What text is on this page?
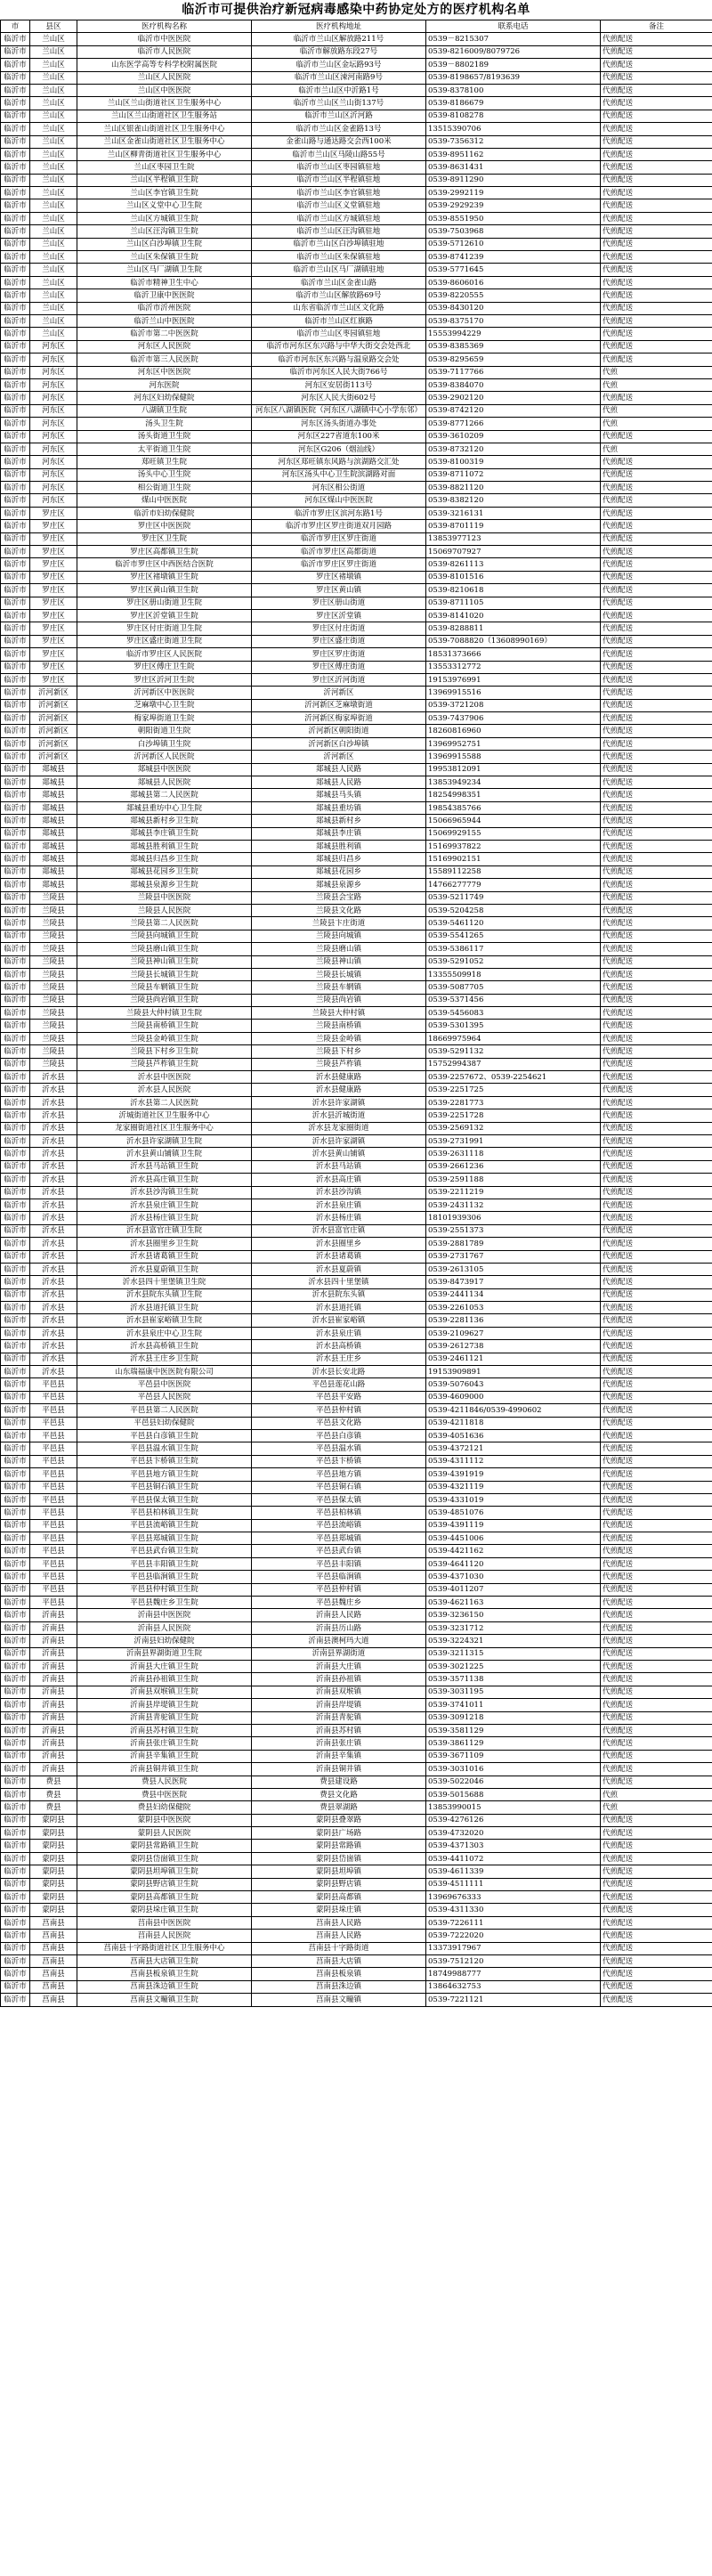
临沂市可提供治疗新冠病毒感染中药协定处方的医疗机构名单
市	县区	医疗机构名称	医疗机构地址	联系电话	备注
临沂市	兰山区	临沂市中医医院	临沂市兰山区解放路211号	0539－8215307	代煎配送
临沂市	兰山区	临沂市人民医院	临沂市解放路东段27号	0539-8216009/8079726	代煎配送
临沂市	兰山区	山东医学高等专科学校附属医院	临沂市兰山区金坛路93号	0539－8802189	代煎配送
临沂市	兰山区	兰山区人民医院	临沂市兰山区涑河南路9号	0539-8198657/8193639	代煎配送
临沂市	兰山区	兰山区中医医院	临沂市兰山区中沂路1号	0539-8378100	代煎配送
临沂市	兰山区	兰山区兰山街道社区卫生服务中心	临沂市兰山区兰山街137号	0539-8186679	代煎配送
临沂市	兰山区	兰山区兰山街道社区卫生服务站	临沂市兰山区沂河路	0539-8108278	代煎配送
临沂市	兰山区	兰山区银雀山街道社区卫生服务中心	临沂市兰山区金雀路13号	13515390706	代煎配送
临沂市	兰山区	兰山区金雀山街道社区卫生服务中心	金雀山路与通达路交会西100米	0539-7356312	代煎配送
临沂市	兰山区	兰山区柳青街道社区卫生服务中心	临沂市兰山区马陵山路55号	0539-8951162	代煎配送
临沂市	兰山区	兰山区枣园卫生院	临沂市兰山区枣园镇驻地	0539-8631431	代煎配送
临沂市	兰山区	兰山区半程镇卫生院	临沂市兰山区半程镇驻地	0539-8911290	代煎配送
临沂市	兰山区	兰山区李官镇卫生院	临沂市兰山区李官镇驻地	0539-2992119	代煎配送
临沂市	兰山区	兰山区义堂中心卫生院	临沂市兰山区义堂镇驻地	0539-2929239	代煎配送
临沂市	兰山区	兰山区方城镇卫生院	临沂市兰山区方城镇驻地	0539-8551950	代煎配送
临沂市	兰山区	兰山区汪沟镇卫生院	临沂市兰山区汪沟镇驻地	0539-7503968	代煎配送
临沂市	兰山区	兰山区白沙埠镇卫生院	临沂市兰山区白沙埠镇驻地	0539-5712610	代煎配送
临沂市	兰山区	兰山区朱保镇卫生院	临沂市兰山区朱保镇驻地	0539-8741239	代煎配送
临沂市	兰山区	兰山区马厂湖镇卫生院	临沂市兰山区马厂湖镇驻地	0539-5771645	代煎配送
临沂市	兰山区	临沂市精神卫生中心	临沂市兰山区金雀山路	0539-8606016	代煎配送
临沂市	兰山区	临沂卫康中医医院	临沂市兰山区解放路69号	0539-8220555	代煎配送
临沂市	兰山区	临沂市沂州医院	山东省临沂市兰山区文化路	0539-8430120	代煎配送
临沂市	兰山区	临沂兰山中医医院	临沂市兰山区红旗路	0539-8375170	代煎配送
临沂市	兰山区	临沂市第二中医医院	临沂市兰山区枣园镇驻地	15553994229	代煎配送
临沂市	河东区	河东区人民医院	临沂市河东区东兴路与中华大街交会处西北	0539-8385369	代煎配送
临沂市	河东区	临沂市第三人民医院	临沂市河东区东兴路与温泉路交会处	0539-8295659	代煎配送
临沂市	河东区	河东区中医医院	临沂市河东区人民大街766号	0539-7117766	代煎
临沂市	河东区	河东医院	河东区安居街113号	0539-8384070	代煎
临沂市	河东区	河东区妇幼保健院	河东区人民大街602号	0539-2902120	代煎配送
临沂市	河东区	八湖镇卫生院	河东区八湖镇医院（河东区八湖镇中心小学东邻）	0539-8742120	代煎
临沂市	河东区	汤头卫生院	河东区汤头街道办事处	0539-8771266	代煎
临沂市	河东区	汤头街道卫生院	河东区227省道东100米	0539-3610209	代煎配送
临沂市	河东区	太平街道卫生院	河东区G206（烟汕线）	0539-8732120	代煎
临沂市	河东区	郑旺镇卫生院	河东区郑旺镇东风路与滨湖路交汇处	0539-8100319	代煎配送
临沂市	河东区	汤头中心卫生院	河东区汤头中心卫生院滨湖路对面	0539-8711072	代煎配送
临沂市	河东区	相公街道卫生院	河东区相公街道	0539-8821120	代煎配送
临沂市	河东区	煤山中医医院	河东区煤山中医医院	0539-8382120	代煎配送
临沂市	罗庄区	临沂市妇幼保健院	临沂市罗庄区滨河东路1号	0539-3216131	代煎配送
临沂市	罗庄区	罗庄区中医医院	临沂市罗庄区罗庄街道双月园路	0539-8701119	代煎配送
临沂市	罗庄区	罗庄区卫生院	临沂市罗庄区罗庄街道	13853977123	代煎配送
临沂市	罗庄区	罗庄区高都镇卫生院	临沂市罗庄区高都街道	15069707927	代煎配送
临沂市	罗庄区	临沂市罗庄区中西医结合医院	临沂市罗庄区罗庄街道	0539-8261113	代煎配送
临沂市	罗庄区	罗庄区褚墩镇卫生院	罗庄区褚墩镇	0539-8101516	代煎配送
临沂市	罗庄区	罗庄区黄山镇卫生院	罗庄区黄山镇	0539-8210618	代煎配送
临沂市	罗庄区	罗庄区册山街道卫生院	罗庄区册山街道	0539-8711105	代煎配送
临沂市	罗庄区	罗庄区沂堂镇卫生院	罗庄区沂堂镇	0539-8141020	代煎配送
临沂市	罗庄区	罗庄区付庄街道卫生院	罗庄区付庄街道	0539-8288811	代煎配送
临沂市	罗庄区	罗庄区盛庄街道卫生院	罗庄区盛庄街道	0539-7088820（13608990169）	代煎配送
临沂市	罗庄区	临沂市罗庄区人民医院	罗庄区罗庄街道	18531373666	代煎配送
临沂市	罗庄区	罗庄区傅庄卫生院	罗庄区傅庄街道	13553312772	代煎配送
临沂市	罗庄区	罗庄区沂河卫生院	罗庄区沂河街道	19153976991	代煎配送
临沂市	沂河新区	沂河新区中医医院	沂河新区	13969915516	代煎配送
临沂市	沂河新区	芝麻墩中心卫生院	沂河新区芝麻墩街道	0539-3721208	代煎配送
临沂市	沂河新区	梅家埠街道卫生院	沂河新区梅家埠街道	0539-7437906	代煎配送
临沂市	沂河新区	朝阳街道卫生院	沂河新区朝阳街道	18260816960	代煎配送
临沂市	沂河新区	白沙埠镇卫生院	沂河新区白沙埠镇	13969952751	代煎配送
临沂市	沂河新区	沂河新区人民医院	沂河新区	13969915588	代煎配送
临沂市	郯城县	郯城县中医医院	郯城县人民路	19953812091	代煎配送
临沂市	郯城县	郯城县人民医院	郯城县人民路	13853949234	代煎配送
临沂市	郯城县	郯城县第二人民医院	郯城县马头镇	18254998351	代煎配送
临沂市	郯城县	郯城县重坊中心卫生院	郯城县重坊镇	19854385766	代煎配送
临沂市	郯城县	郯城县新村乡卫生院	郯城县新村乡	15066965944	代煎配送
临沂市	郯城县	郯城县李庄镇卫生院	郯城县李庄镇	15069929155	代煎配送
临沂市	郯城县	郯城县胜利镇卫生院	郯城县胜利镇	15169937822	代煎配送
临沂市	郯城县	郯城县归昌乡卫生院	郯城县归昌乡	15169902151	代煎配送
临沂市	郯城县	郯城县花园乡卫生院	郯城县花园乡	15589112258	代煎配送
临沂市	郯城县	郯城县泉源乡卫生院	郯城县泉源乡	14766277779	代煎配送
临沂市	兰陵县	兰陵县中医医院	兰陵县会宝路	0539-5211749	代煎配送
临沂市	兰陵县	兰陵县人民医院	兰陵县文化路	0539-5204258	代煎配送
临沂市	兰陵县	兰陵县第二人民医院	兰陵县卞庄街道	0539-5461120	代煎配送
临沂市	兰陵县	兰陵县向城镇卫生院	兰陵县向城镇	0539-5541265	代煎配送
临沂市	兰陵县	兰陵县磨山镇卫生院	兰陵县磨山镇	0539-5386117	代煎配送
临沂市	兰陵县	兰陵县神山镇卫生院	兰陵县神山镇	0539-5291052	代煎配送
临沂市	兰陵县	兰陵县长城镇卫生院	兰陵县长城镇	13355509918	代煎配送
临沂市	兰陵县	兰陵县车辋镇卫生院	兰陵县车辋镇	0539-5087705	代煎配送
临沂市	兰陵县	兰陵县尚岩镇卫生院	兰陵县尚岩镇	0539-5371456	代煎配送
临沂市	兰陵县	兰陵县大仲村镇卫生院	兰陵县大仲村镇	0539-5456083	代煎配送
临沂市	兰陵县	兰陵县南桥镇卫生院	兰陵县南桥镇	0539-5301395	代煎配送
临沂市	兰陵县	兰陵县金岭镇卫生院	兰陵县金岭镇	18669975964	代煎配送
临沂市	兰陵县	兰陵县下村乡卫生院	兰陵县下村乡	0539-5291132	代煎配送
临沂市	兰陵县	兰陵县芦柞镇卫生院	兰陵县芦柞镇	15752994387	代煎配送
临沂市	沂水县	沂水县中医医院	沂水县健康路	0539-2257672、0539-2254621	代煎配送
临沂市	沂水县	沂水县人民医院	沂水县健康路	0539-2251725	代煎配送
临沂市	沂水县	沂水县第二人民医院	沂水县许家湖镇	0539-2281773	代煎配送
临沂市	沂水县	沂城街道社区卫生服务中心	沂水县沂城街道	0539-2251728	代煎配送
临沂市	沂水县	龙家圈街道社区卫生服务中心	沂水县龙家圈街道	0539-2569132	代煎配送
临沂市	沂水县	沂水县许家湖镇卫生院	沂水县许家湖镇	0539-2731991	代煎配送
临沂市	沂水县	沂水县黄山铺镇卫生院	沂水县黄山铺镇	0539-2631118	代煎配送
临沂市	沂水县	沂水县马站镇卫生院	沂水县马站镇	0539-2661236	代煎配送
临沂市	沂水县	沂水县高庄镇卫生院	沂水县高庄镇	0539-2591188	代煎配送
临沂市	沂水县	沂水县沙沟镇卫生院	沂水县沙沟镇	0539-2211219	代煎配送
临沂市	沂水县	沂水县泉庄镇卫生院	沂水县泉庄镇	0539-2431132	代煎配送
临沂市	沂水县	沂水县杨庄镇卫生院	沂水县杨庄镇	18101939306	代煎配送
临沂市	沂水县	沂水县富官庄镇卫生院	沂水县富官庄镇	0539-2551373	代煎配送
临沂市	沂水县	沂水县圈里乡卫生院	沂水县圈里乡	0539-2881789	代煎配送
临沂市	沂水县	沂水县诸葛镇卫生院	沂水县诸葛镇	0539-2731767	代煎配送
临沂市	沂水县	沂水县夏蔚镇卫生院	沂水县夏蔚镇	0539-2613105	代煎配送
临沂市	沂水县	沂水县四十里堡镇卫生院	沂水县四十里堡镇	0539-8473917	代煎配送
临沂市	沂水县	沂水县院东头镇卫生院	沂水县院东头镇	0539-2441134	代煎配送
临沂市	沂水县	沂水县道托镇卫生院	沂水县道托镇	0539-2261053	代煎配送
临沂市	沂水县	沂水县崔家峪镇卫生院	沂水县崔家峪镇	0539-2281136	代煎配送
临沂市	沂水县	沂水县泉庄中心卫生院	沂水县泉庄镇	0539-2109627	代煎配送
临沂市	沂水县	沂水县高桥镇卫生院	沂水县高桥镇	0539-2612738	代煎配送
临沂市	沂水县	沂水县王庄乡卫生院	沂水县王庄乡	0539-2461121	代煎配送
临沂市	沂水县	山东瑞福康中医医院有限公司	沂水县长安北路	19153909891	代煎配送
临沂市	平邑县	平邑县中医医院	平邑县莲花山路	0539-5076043	代煎配送
临沂市	平邑县	平邑县人民医院	平邑县平安路	0539-4609000	代煎配送
临沂市	平邑县	平邑县第二人民医院	平邑县仲村镇	0539-4211846/0539-4990602	代煎配送
临沂市	平邑县	平邑县妇幼保健院	平邑县文化路	0539-4211818	代煎配送
临沂市	平邑县	平邑县白彦镇卫生院	平邑县白彦镇	0539-4051636	代煎配送
临沂市	平邑县	平邑县温水镇卫生院	平邑县温水镇	0539-4372121	代煎配送
临沂市	平邑县	平邑县卞桥镇卫生院	平邑县卞桥镇	0539-4311112	代煎配送
临沂市	平邑县	平邑县地方镇卫生院	平邑县地方镇	0539-4391919	代煎配送
临沂市	平邑县	平邑县铜石镇卫生院	平邑县铜石镇	0539-4321119	代煎配送
临沂市	平邑县	平邑县保太镇卫生院	平邑县保太镇	0539-4331019	代煎配送
临沂市	平邑县	平邑县柏林镇卫生院	平邑县柏林镇	0539-4851076	代煎配送
临沂市	平邑县	平邑县流峪镇卫生院	平邑县流峪镇	0539-4391119	代煎配送
临沂市	平邑县	平邑县郑城镇卫生院	平邑县郑城镇	0539-4451006	代煎配送
临沂市	平邑县	平邑县武台镇卫生院	平邑县武台镇	0539-4421162	代煎配送
临沂市	平邑县	平邑县丰阳镇卫生院	平邑县丰阳镇	0539-4641120	代煎配送
临沂市	平邑县	平邑县临涧镇卫生院	平邑县临涧镇	0539-4371030	代煎配送
临沂市	平邑县	平邑县仲村镇卫生院	平邑县仲村镇	0539-4011207	代煎配送
临沂市	平邑县	平邑县魏庄乡卫生院	平邑县魏庄乡	0539-4621163	代煎配送
临沂市	沂南县	沂南县中医医院	沂南县人民路	0539-3236150	代煎配送
临沂市	沂南县	沂南县人民医院	沂南县历山路	0539-3231712	代煎配送
临沂市	沂南县	沂南县妇幼保健院	沂南县澳柯玛大道	0539-3224321	代煎配送
临沂市	沂南县	沂南县界湖街道卫生院	沂南县界湖街道	0539-3211315	代煎配送
临沂市	沂南县	沂南县大庄镇卫生院	沂南县大庄镇	0539-3021225	代煎配送
临沂市	沂南县	沂南县孙祖镇卫生院	沂南县孙祖镇	0539-3571138	代煎配送
临沂市	沂南县	沂南县双堠镇卫生院	沂南县双堠镇	0539-3031195	代煎配送
临沂市	沂南县	沂南县岸堤镇卫生院	沂南县岸堤镇	0539-3741011	代煎配送
临沂市	沂南县	沂南县青驼镇卫生院	沂南县青驼镇	0539-3091218	代煎配送
临沂市	沂南县	沂南县苏村镇卫生院	沂南县苏村镇	0539-3581129	代煎配送
临沂市	沂南县	沂南县张庄镇卫生院	沂南县张庄镇	0539-3861129	代煎配送
临沂市	沂南县	沂南县辛集镇卫生院	沂南县辛集镇	0539-3671109	代煎配送
临沂市	沂南县	沂南县铜井镇卫生院	沂南县铜井镇	0539-3031016	代煎配送
临沂市	费县	费县人民医院	费县建设路	0539-5022046	代煎配送
临沂市	费县	费县中医医院	费县文化路	0539-5015688	代煎
临沂市	费县	费县妇幼保健院	费县翠湖路	13853990015	代煎
临沂市	蒙阴县	蒙阴县中医医院	蒙阴县叠翠路	0539-4276126	代煎配送
临沂市	蒙阴县	蒙阴县人民医院	蒙阴县广场路	0539-4732020	代煎配送
临沂市	蒙阴县	蒙阴县常路镇卫生院	蒙阴县常路镇	0539-4371303	代煎配送
临沂市	蒙阴县	蒙阴县岱崮镇卫生院	蒙阴县岱崮镇	0539-4411072	代煎配送
临沂市	蒙阴县	蒙阴县坦埠镇卫生院	蒙阴县坦埠镇	0539-4611339	代煎配送
临沂市	蒙阴县	蒙阴县野店镇卫生院	蒙阴县野店镇	0539-4511111	代煎配送
临沂市	蒙阴县	蒙阴县高都镇卫生院	蒙阴县高都镇	13969676333	代煎配送
临沂市	蒙阴县	蒙阴县垛庄镇卫生院	蒙阴县垛庄镇	0539-4311330	代煎配送
临沂市	莒南县	莒南县中医医院	莒南县人民路	0539-7226111	代煎配送
临沂市	莒南县	莒南县人民医院	莒南县人民路	0539-7222020	代煎配送
临沂市	莒南县	莒南县十字路街道社区卫生服务中心	莒南县十字路街道	13373917967	代煎配送
临沂市	莒南县	莒南县大店镇卫生院	莒南县大店镇	0539-7512120	代煎配送
临沂市	莒南县	莒南县板泉镇卫生院	莒南县板泉镇	18749988777	代煎配送
临沂市	莒南县	莒南县洙边镇卫生院	莒南县洙边镇	13864632753	代煎配送
临沂市	莒南县	莒南县文疃镇卫生院	莒南县文疃镇	0539-7221121	代煎配送
